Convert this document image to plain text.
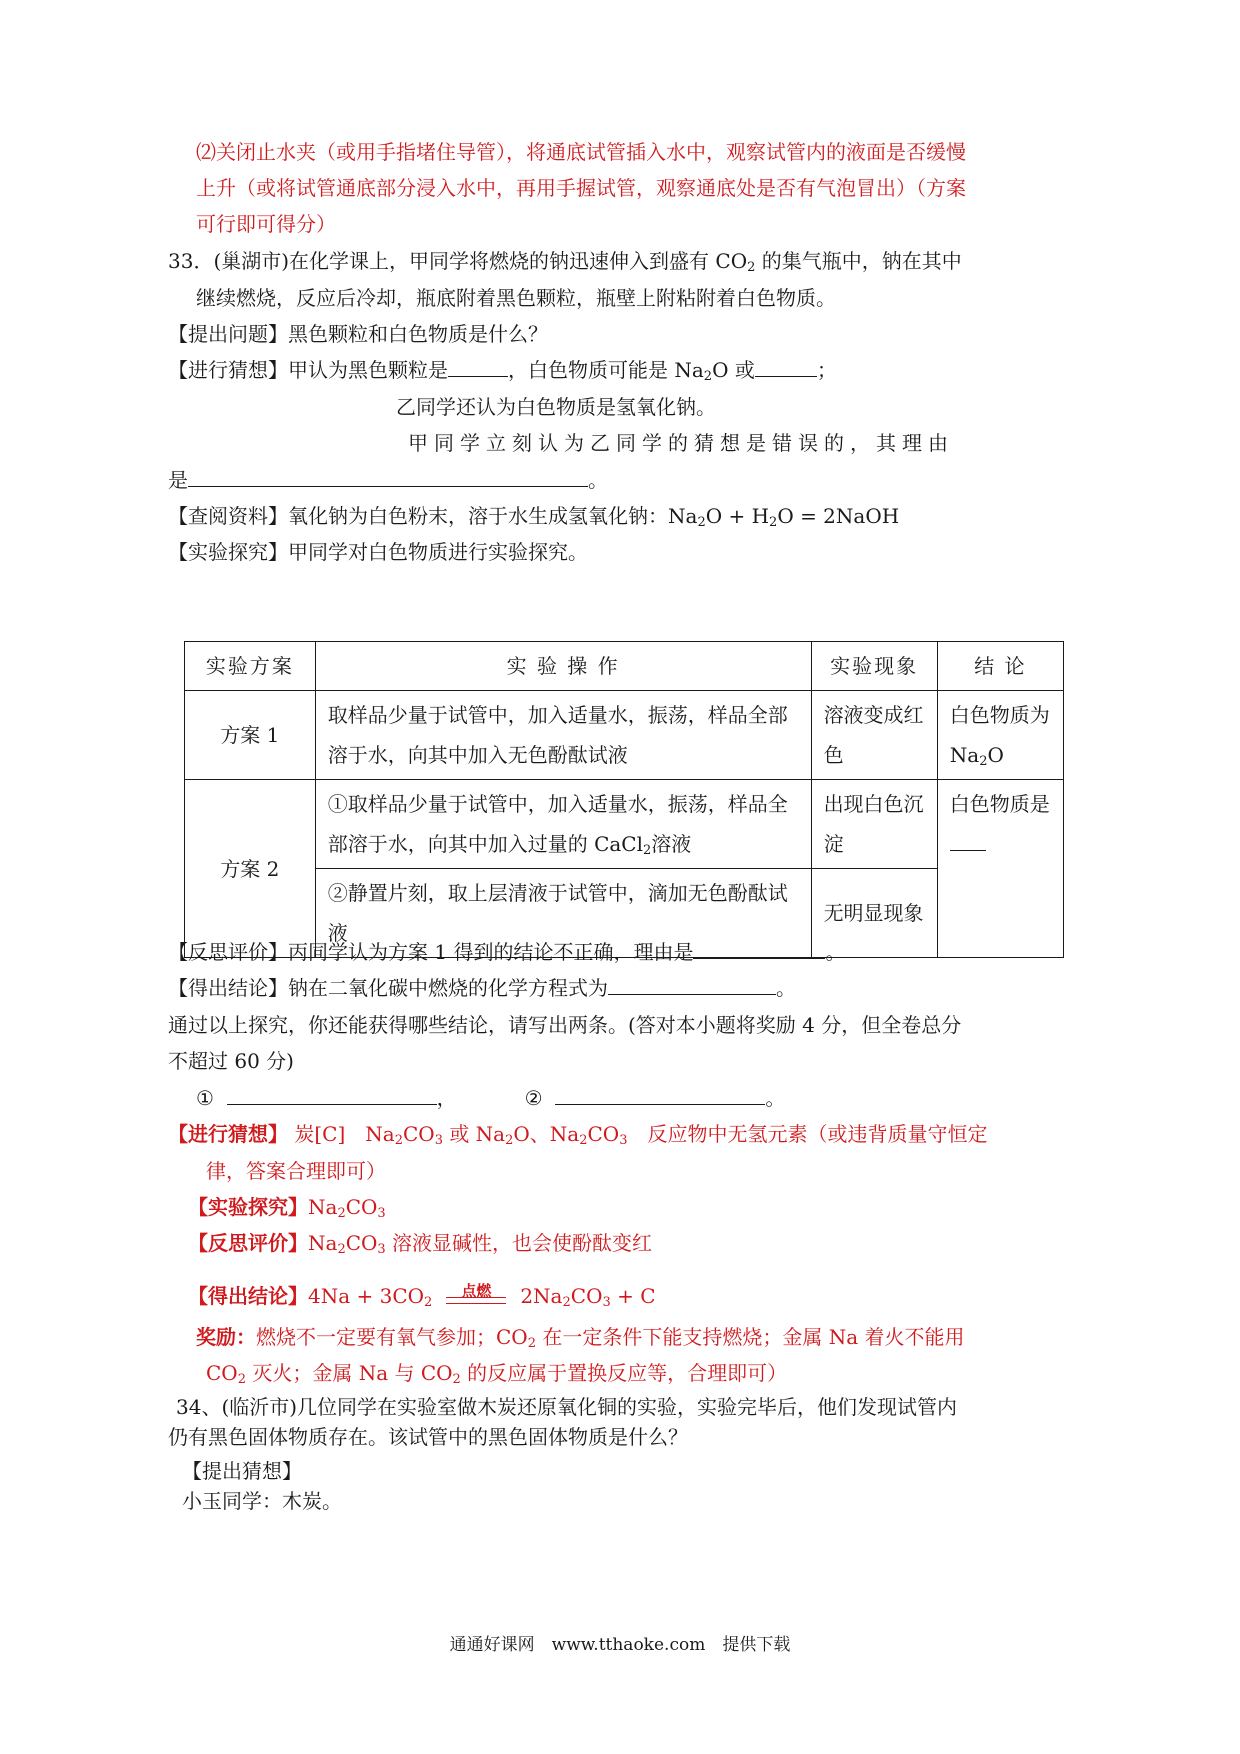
⑵关闭止水夹（或用手指堵住导管），将通底试管插入水中，观察试管内的液面是否缓慢
上升（或将试管通底部分浸入水中，再用手握试管，观察通底处是否有气泡冒出）（方案
可行即可得分）
33．(巢湖市)在化学课上，甲同学将燃烧的钠迅速伸入到盛有 $CO_2$ 的集气瓶中，钠在其中
继续燃烧，反应后冷却，瓶底附着黑色颗粒，瓶壁上附粘附着白色物质。
【提出问题】黑色颗粒和白色物质是什么？
【进行猜想】甲认为黑色颗粒是	，白色物质可能是 $Na_2O$ 或	；
乙同学还认为白色物质是氢氧化钠。
甲同学立刻认为乙同学的猜想是错误的，其理由
是	。
【查阅资料】氧化钠为白色粉末，溶于水生成氢氧化钠：$Na_2O + H_2O$ = 2NaOH
【实验探究】甲同学对白色物质进行实验探究。
实验方案	实 验 操 作	实验现象	结 论
方案 1	取样品少量于试管中，加入适量水，振荡，样品全部溶于水，向其中加入无色酚酞试液	溶液变成红色	白色物质为 $Na_2O$
方案 2	①取样品少量于试管中，加入适量水，振荡，样品全部溶于水，向其中加入过量的 CaCl$_2$溶液	出现白色沉淀	白色物质是
	②静置片刻，取上层清液于试管中，滴加无色酚酞试液	无明显现象	
【反思评价】丙同学认为方案 1 得到的结论不正确，理由是	。
【得出结论】钠在二氧化碳中燃烧的化学方程式为	。
通过以上探究，你还能获得哪些结论，请写出两条。(答对本小题将奖励 4 分，但全卷总分
不超过 60 分)
①	，	②	。
【进行猜想】 炭[C]　$Na_2CO_3$ 或 $Na_2O$、$Na_2CO_3$　反应物中无氢元素（或违背质量守恒定
律，答案合理即可）
【实验探究】$Na_2CO_3$
【反思评价】$Na_2CO_3$ 溶液显碱性，也会使酚酞变红
【得出结论】$4Na + 3CO_2$
点燃	$2Na_2CO_3 + C$
奖励：燃烧不一定要有氧气参加；$CO_2$ 在一定条件下能支持燃烧；金属 Na 着火不能用
$CO_2$ 灭火；金属 Na 与 $CO_2$ 的反应属于置换反应等，合理即可）
34、(临沂市)几位同学在实验室做木炭还原氧化铜的实验，实验完毕后，他们发现试管内
仍有黑色固体物质存在。该试管中的黑色固体物质是什么？
【提出猜想】
小玉同学：木炭。
通通好课网　www.tthaoke.com　提供下载
